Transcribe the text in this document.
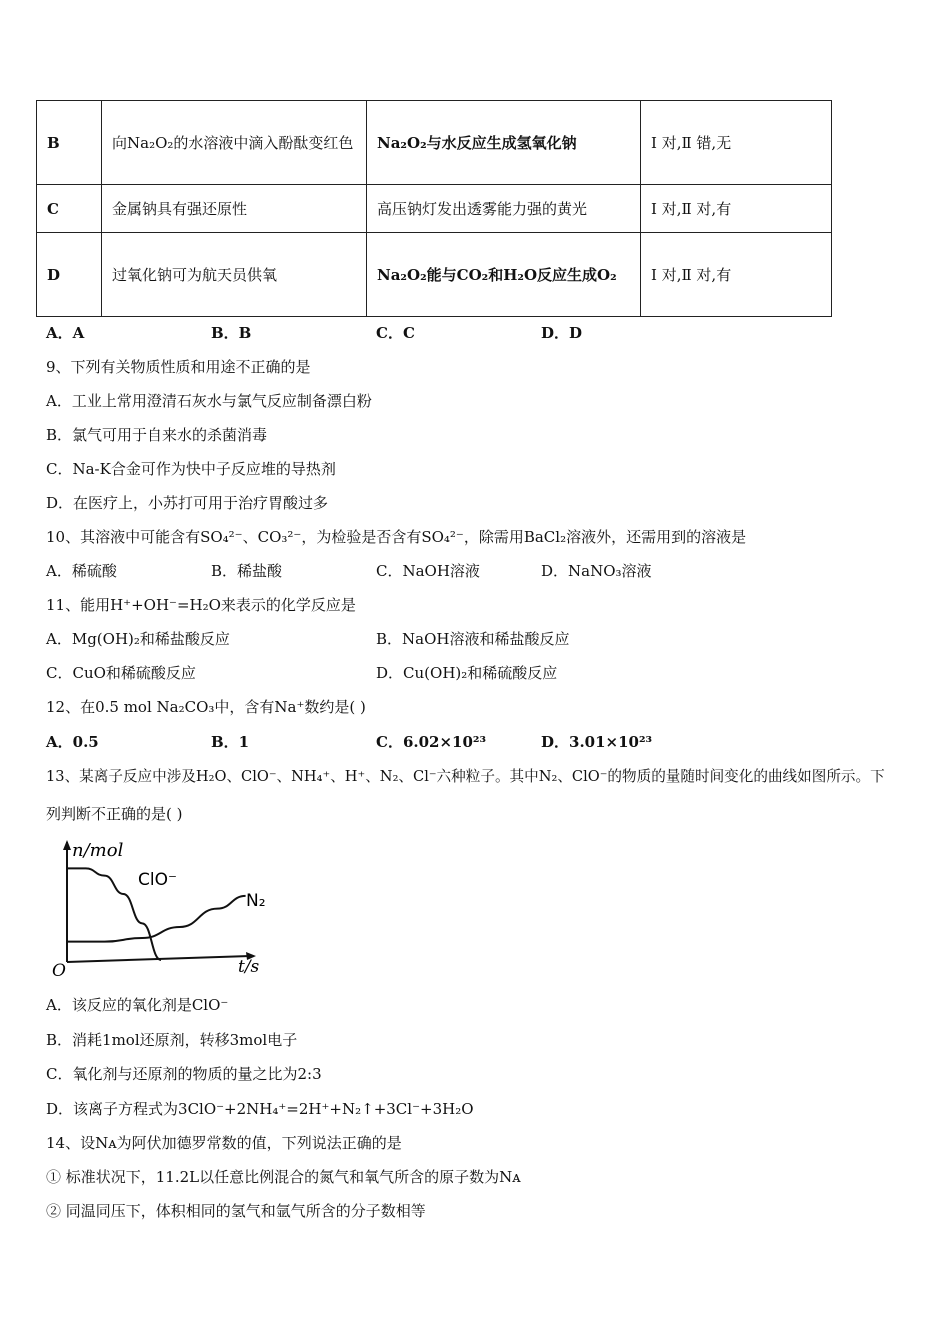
B	向Na₂O₂的水溶液中滴入酚酞变红色	Na₂O₂与水反应生成氢氧化钠	Ⅰ 对,Ⅱ 错,无
C	金属钠具有强还原性	高压钠灯发出透雾能力强的黄光	Ⅰ 对,Ⅱ 对,有
D	过氧化钠可为航天员供氧	Na₂O₂能与CO₂和H₂O反应生成O₂	Ⅰ 对,Ⅱ 对,有
A．A	B．B	C．C	D．D
9、下列有关物质性质和用途不正确的是
A．工业上常用澄清石灰水与氯气反应制备漂白粉
B．氯气可用于自来水的杀菌消毒
C．Na-K合金可作为快中子反应堆的导热剂
D．在医疗上，小苏打可用于治疗胃酸过多
10、其溶液中可能含有SO₄²⁻、CO₃²⁻，为检验是否含有SO₄²⁻，除需用BaCl₂溶液外，还需用到的溶液是
A．稀硫酸	B．稀盐酸	C．NaOH溶液	D．NaNO₃溶液
11、能用H⁺+OH⁻=H₂O来表示的化学反应是
A．Mg(OH)₂和稀盐酸反应	B．NaOH溶液和稀盐酸反应
C．CuO和稀硫酸反应	D．Cu(OH)₂和稀硫酸反应
12、在0.5 mol Na₂CO₃中，含有Na⁺数约是( )
A．0.5	B．1	C．6.02×10²³	D．3.01×10²³
13、某离子反应中涉及H₂O、ClO⁻、NH₄⁺、H⁺、N₂、Cl⁻六种粒子。其中N₂、ClO⁻的物质的量随时间变化的曲线如图所示。下
列判断不正确的是( )
n/mol
O	t/s
ClO⁻
N₂
A．该反应的氧化剂是ClO⁻
B．消耗1mol还原剂，转移3mol电子
C．氧化剂与还原剂的物质的量之比为2:3
D．该离子方程式为3ClO⁻+2NH₄⁺=2H⁺+N₂↑+3Cl⁻+3H₂O
14、设Nᴀ为阿伏加德罗常数的值，下列说法正确的是
① 标准状况下，11.2L以任意比例混合的氮气和氧气所含的原子数为Nᴀ
② 同温同压下，体积相同的氢气和氩气所含的分子数相等
